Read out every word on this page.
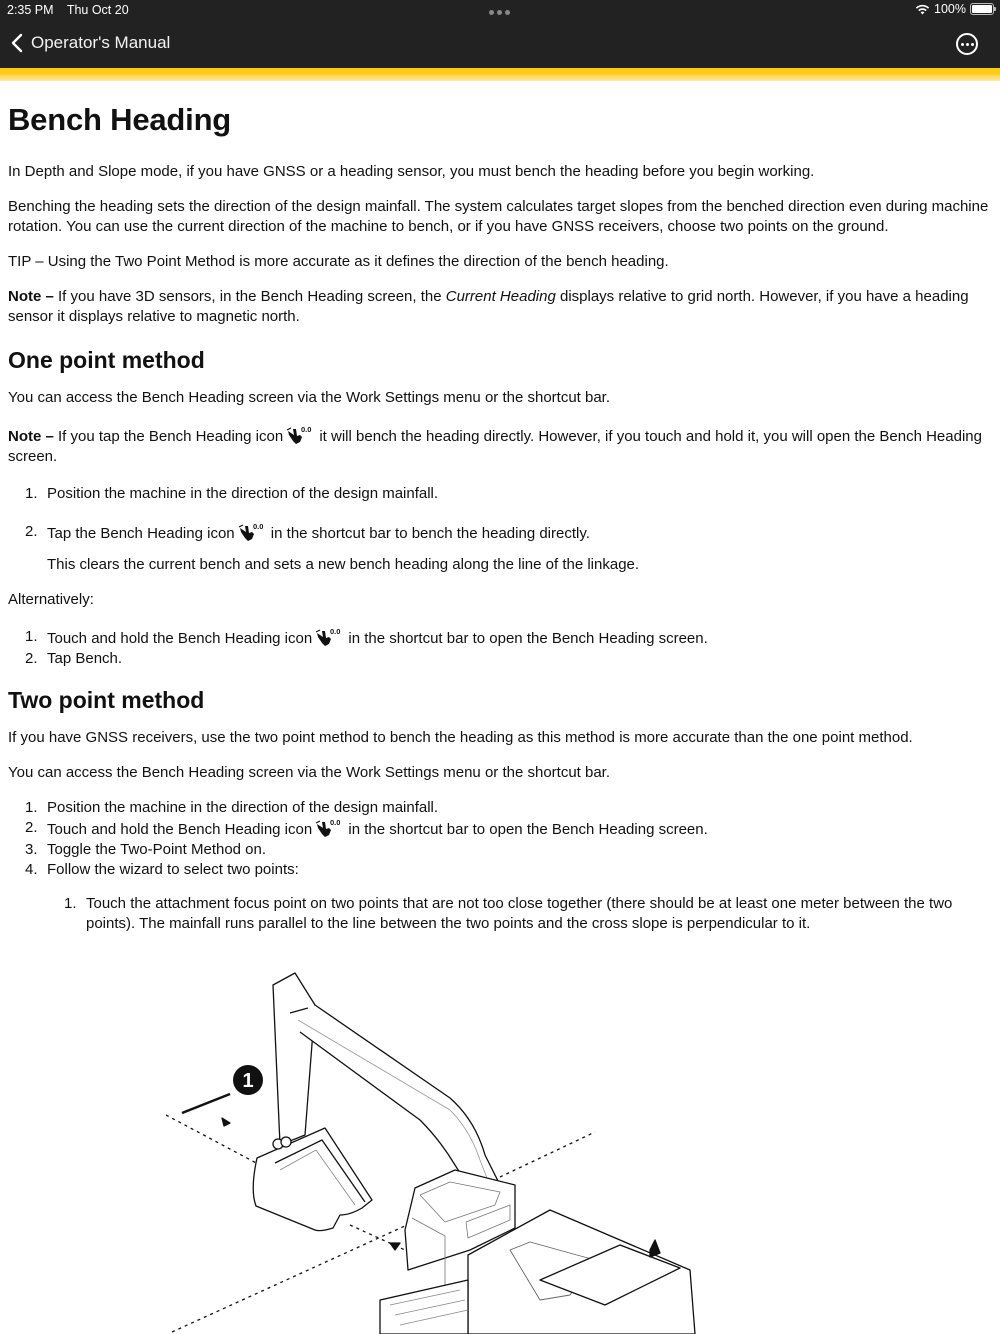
2:35 PM Thu Oct 20	100%
Operator's Manual
Bench Heading

In Depth and Slope mode, if you have GNSS or a heading sensor, you must bench the heading before you begin working.

Benching the heading sets the direction of the design mainfall. The system calculates target slopes from the benched direction even during machine rotation. You can use the current direction of the machine to bench, or if you have GNSS receivers, choose two points on the ground.

TIP – Using the Two Point Method is more accurate as it defines the direction of the bench heading.

Note – If you have 3D sensors, in the Bench Heading screen, the Current Heading displays relative to grid north. However, if you have a heading sensor it displays relative to magnetic north.

One point method

You can access the Bench Heading screen via the Work Settings menu or the shortcut bar.

Note – If you tap the Bench Heading icon it will bench the heading directly. However, if you touch and hold it, you will open the Bench Heading screen.

1. Position the machine in the direction of the design mainfall.
2. Tap the Bench Heading icon in the shortcut bar to bench the heading directly.

This clears the current bench and sets a new bench heading along the line of the linkage.

Alternatively:

1. Touch and hold the Bench Heading icon in the shortcut bar to open the Bench Heading screen.
2. Tap Bench.
Two point method

If you have GNSS receivers, use the two point method to bench the heading as this method is more accurate than the one point method.

You can access the Bench Heading screen via the Work Settings menu or the shortcut bar.

1. Position the machine in the direction of the design mainfall.
2. Touch and hold the Bench Heading icon in the shortcut bar to open the Bench Heading screen.
3. Toggle the Two-Point Method on.
4. Follow the wizard to select two points:
1. Touch the attachment focus point on two points that are not too close together (there should be at least one meter between the two points). The mainfall runs parallel to the line between the two points and the cross slope is perpendicular to it.
1
